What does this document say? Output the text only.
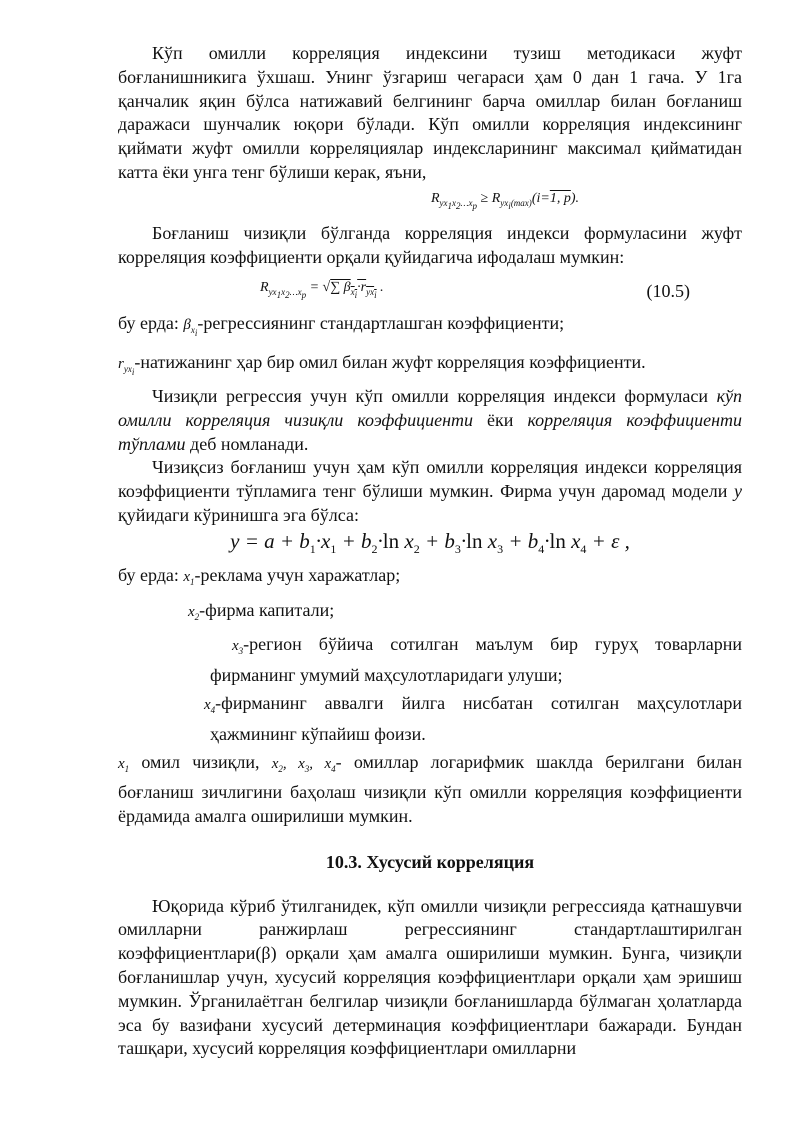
Кўп омилли корреляция индексини тузиш методикаси жуфт боғланишникига ўхшаш. Унинг ўзгариш чегараси ҳам 0 дан 1 гача. У 1га қанчалик яқин бўлса натижавий белгининг барча омиллар билан боғланиш даражаси шунчалик юқори бўлади. Кўп омилли корреляция индексининг қиймати жуфт омилли корреляциялар индексларининг максимал қийматидан катта ёки унга тенг бўлиши керак, яъни,

$R_{yx_1x_2\dots x_p} \ge R_{yx_i(max)}(i=1$, p).

Боғланиш чизиқли бўлганда корреляция индекси формуласини жуфт корреляция коэффициенти орқали қуйидагича ифодалаш мумкин:

$R_{yx_1x_2\dots x_p}$ = √∑ $\beta_{x_i}\cdot r_{yx_i}$ .	(10.5)

бу ерда: $\beta_{x_i}$-регрессиянинг стандартлашган коэффициенти;

$r_{yx_i}$-натижанинг ҳар бир омил билан жуфт корреляция коэффициенти.

Чизиқли регрессия учун кўп омилли корреляция индекси формуласи кўп омилли корреляция чизиқли коэффициенти ёки корреляция коэффициенти тўплами деб номланади.

Чизиқсиз боғланиш учун ҳам кўп омилли корреляция индекси корреляция коэффициенти тўпламигa тенг бўлиши мумкин. Фирма учун даромад модели y қуйидаги кўринишга эга бўлса:

$y = a + b_1\cdot x_1 + b_2\cdot\ln$ $x_2 + b_3\cdot\ln$ $x_3 + b_4\cdot\ln$ $x_4 + \varepsilon$ ,

бу ерда: $x_1$-реклама учун харажатлар;

$x_2$-фирма капитали;

$x_3$-регион бўйича сотилган маълум бир гуруҳ товарларни фирманинг умумий маҳсулотларидаги улуши;

$x_4$-фирманинг аввалги йилга нисбатан сотилган маҳсулотлари ҳажмининг кўпайиш фоизи.

$x_1$ омил чизиқли, $x_2$, $x_3$, $x_4-$ омиллар логарифмик шаклда берилгани билан боғланиш зичлигини баҳолаш чизиқли кўп омилли корреляция коэффициенти ёрдамида амалга оширилиши мумкин.

10.3. Хусусий корреляция

Юқорида кўриб ўтилганидек, кўп омилли чизиқли регрессияда қатнашувчи омилларни ранжирлаш регрессиянинг стандартлаштирилган коэффициентлари(β) орқали ҳам амалга оширилиши мумкин. Бунга, чизиқли боғланишлар учун, хусусий корреляция коэффициентлари орқали ҳам эришиш мумкин. Ўрганилаётган белгилар чизиқли боғланишларда бўлмаган ҳолатларда эса бу вазифани хусусий детерминация коэффициентлари бажаради. Бундан ташқари, хусусий корреляция коэффициентлари омилларни
